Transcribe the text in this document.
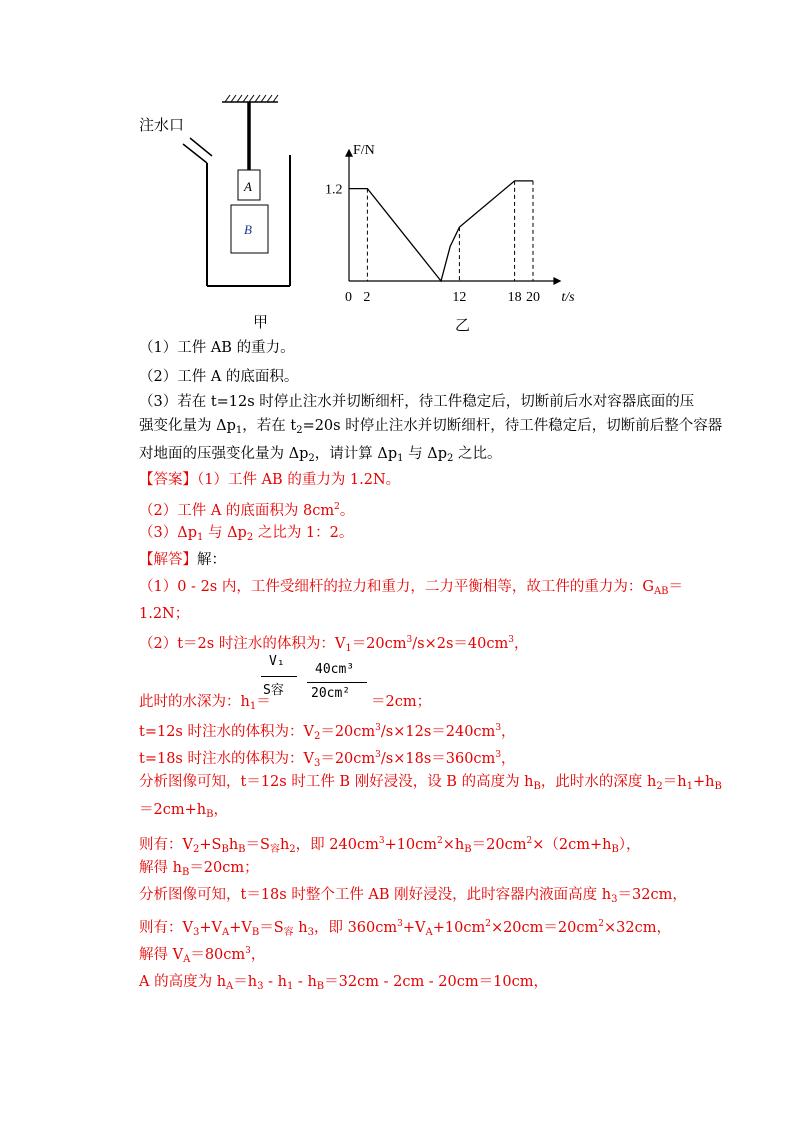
注水口
A
B
甲	乙
F/N
t/s
1.2
0 2	12	18 20
（1）工件 AB 的重力。
（2）工件 A 的底面积。
（3）若在 t=12s 时停止注水并切断细杆，待工件稳定后，切断前后水对容器底面的压
强变化量为 $\Delta p_1$，若在 $t_2=20s$ 时停止注水并切断细杆，待工件稳定后，切断前后整个容器
对地面的压强变化量为 $\Delta p_2$，请计算 $\Delta p_1$ 与 $\Delta p_2$ 之比。
【答案】（1）工件 AB 的重力为 1.2N。
（2）工件 A 的底面积为 $8cm^2$。
$(3)\Delta p_1$ 与 $\Delta p_2$ 之比为 1：2。
【解答】解：
（1）0 - 2s 内，工件受细杆的拉力和重力，二力平衡相等，故工件的重力为：$G_{AB}=$
1.2N；
（2）t＝2s 时注水的体积为：$V_1=20cm^3/s\times 2s=40cm^3$，
此时的水深为：$h_1=$
V₁
S容
40cm³
20cm²
＝2cm；
t=12s 时注水的体积为：$V_2=20cm^3/s\times 12s=240cm^3$，
t=18s 时注水的体积为：$V_3=20cm^3/s\times 18s=360cm^3$，
分析图像可知，t＝12s 时工件 B 刚好浸没，设 B 的高度为 $h_B$，此时水的深度 $h_2=h_1+h_B$
$=2cm+h_B$，
则有：$V_2+S_Bh_B=S_容h_2$，即 $240cm^3+10cm^2\times h_B=20cm^2\times(2cm+h_B)$，
解得 $h_B=20cm$；
分析图像可知，t＝18s 时整个工件 AB 刚好浸没，此时容器内液面高度 $h_3=32cm$，
则有：$V_3+V_A+V_B=S_容$ $h_3$，即 $360cm^3+V_A+10cm^2\times 20cm=20cm^2\times 32cm$，
解得 $V_A=80cm^3$，
A 的高度为 $h_A=h_3 - h_1 - h_B=32cm - 2cm - 20cm=10cm$，
